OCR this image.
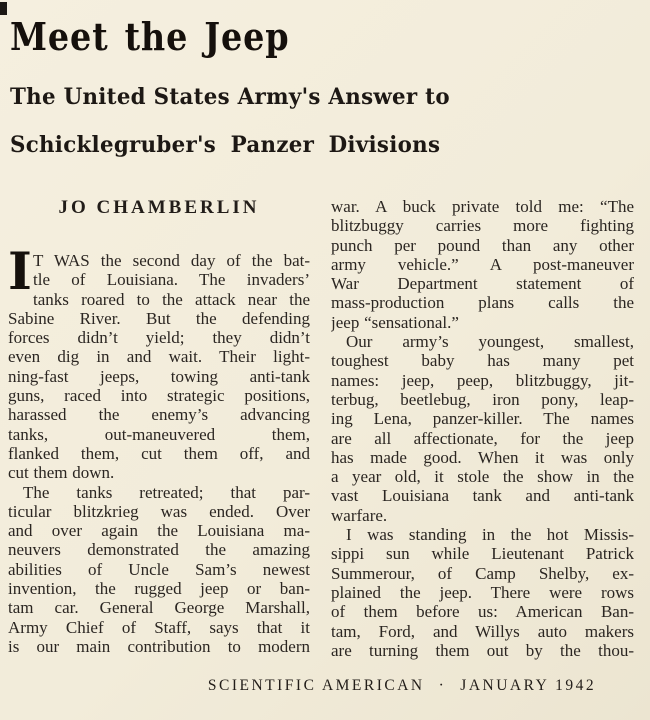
Meet the Jeep
The United States Army's Answer to
Schicklegruber's Panzer Divisions
JO CHAMBERLIN
I T WAS the second day of the bat-
tle of Louisiana. The invaders’
tanks roared to the attack near the
Sabine River. But the defending
forces didn’t yield; they didn’t
even dig in and wait. Their light-
ning-fast jeeps, towing anti-tank
guns, raced into strategic positions,
harassed the enemy’s advancing
tanks, out-maneuvered them,
flanked them, cut them off, and
cut them down.
The tanks retreated; that par-
ticular blitzkrieg was ended. Over
and over again the Louisiana ma-
neuvers demonstrated the amazing
abilities of Uncle Sam’s newest
invention, the rugged jeep or ban-
tam car. General George Marshall,
Army Chief of Staff, says that it
is our main contribution to modern
war. A buck private told me: “The
blitzbuggy carries more fighting
punch per pound than any other
army vehicle.” A post-maneuver
War Department statement of
mass-production plans calls the
jeep “sensational.”
Our army’s youngest, smallest,
toughest baby has many pet
names: jeep, peep, blitzbuggy, jit-
terbug, beetlebug, iron pony, leap-
ing Lena, panzer-killer. The names
are all affectionate, for the jeep
has made good. When it was only
a year old, it stole the show in the
vast Louisiana tank and anti-tank
warfare.
I was standing in the hot Missis-
sippi sun while Lieutenant Patrick
Summerour, of Camp Shelby, ex-
plained the jeep. There were rows
of them before us: American Ban-
tam, Ford, and Willys auto makers
are turning them out by the thou-
SCIENTIFIC AMERICAN · JANUARY 1942
